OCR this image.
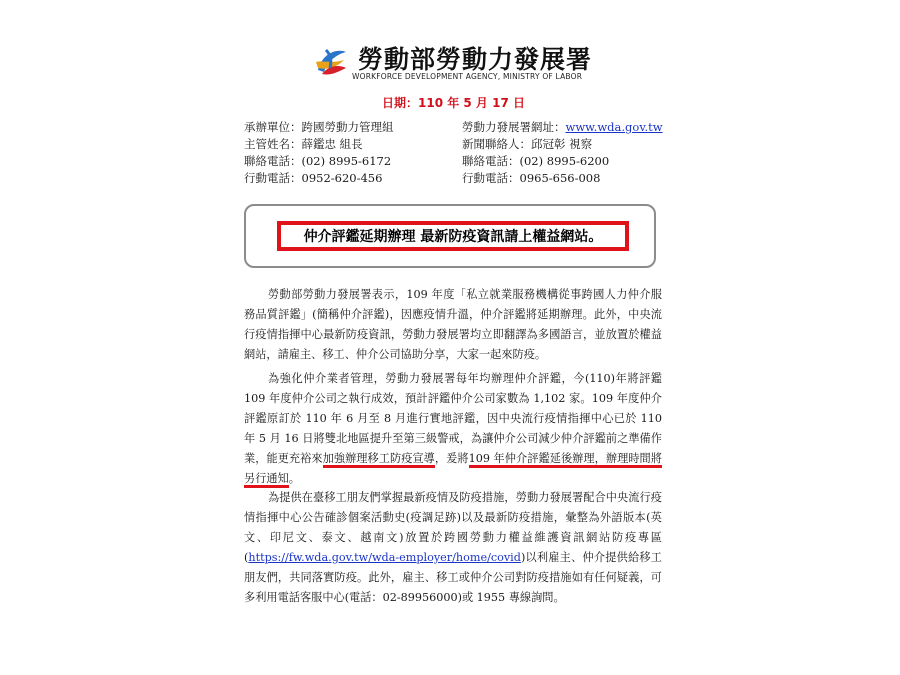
勞動部勞動力發展署
WORKFORCE DEVELOPMENT AGENCY, MINISTRY OF LABOR
日期：110 年 5 月 17 日
承辦單位：跨國勞動力管理組
主管姓名：薛鑑忠 組長
聯絡電話：(02) 8995-6172
行動電話：0952-620-456
勞動力發展署網址：www.wda.gov.tw
新聞聯絡人：邱冠彰 視察
聯絡電話：(02) 8995-6200
行動電話：0965-656-008
仲介評鑑延期辦理 最新防疫資訊請上權益網站。

勞動部勞動力發展署表示，109 年度「私立就業服務機構從事跨國人力仲介服務品質評鑑」(簡稱仲介評鑑)，因應疫情升溫，仲介評鑑將延期辦理。此外，中央流行疫情指揮中心最新防疫資訊，勞動力發展署均立即翻譯為多國語言，並放置於權益網站，請雇主、移工、仲介公司協助分享，大家一起來防疫。

為強化仲介業者管理，勞動力發展署每年均辦理仲介評鑑，今(110)年將評鑑 109 年度仲介公司之執行成效，預計評鑑仲介公司家數為 1,102 家。109 年度仲介評鑑原訂於 110 年 6 月至 8 月進行實地評鑑，因中央流行疫情指揮中心已於 110 年 5 月 16 日將雙北地區提升至第三級警戒，為讓仲介公司減少仲介評鑑前之準備作業，能更充裕來加強辦理移工防疫宣導，爰將109 年仲介評鑑延後辦理，辦理時間將另行通知。

為提供在臺移工朋友們掌握最新疫情及防疫措施，勞動力發展署配合中央流行疫情指揮中心公告確診個案活動史(疫調足跡)以及最新防疫措施，彙整為外語版本(英文、印尼文、泰文、越南文)放置於跨國勞動力權益維護資訊網站防疫專區(https://fw.wda.gov.tw/wda-employer/home/covid)以利雇主、仲介提供給移工朋友們，共同落實防疫。此外，雇主、移工或仲介公司對防疫措施如有任何疑義，可多利用電話客服中心(電話：02-89956000)或 1955 專線詢問。
